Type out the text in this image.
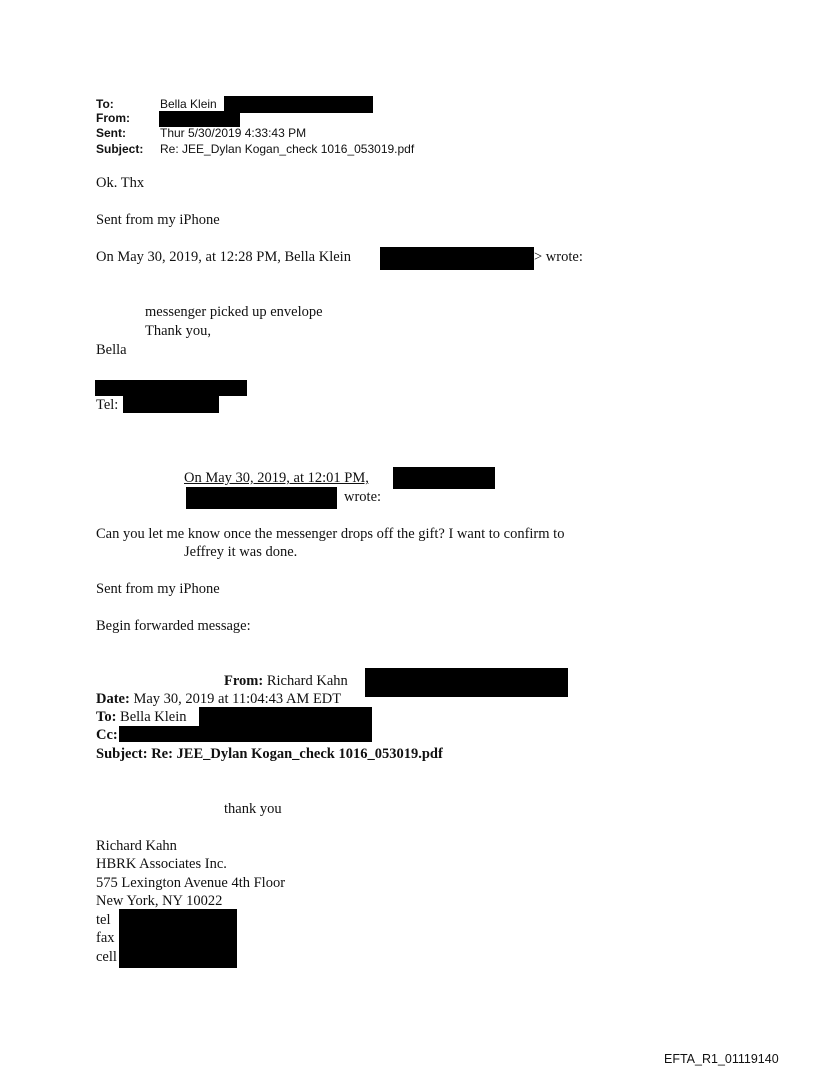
To:	Bella Klein
From:
Sent:	Thur 5/30/2019 4:33:43 PM
Subject: Re: JEE_Dylan Kogan_check 1016_053019.pdf
Ok. Thx
Sent from my iPhone
On May 30, 2019, at 12:28 PM, Bella Klein	> wrote:
messenger picked up envelope
Thank you,
Bella
Tel:
On May 30, 2019, at 12:01 PM,
wrote:
Can you let me know once the messenger drops off the gift? I want to confirm to
Jeffrey it was done.
Sent from my iPhone
Begin forwarded message:
From: Richard Kahn
Date: May 30, 2019 at 11:04:43 AM EDT
To: Bella Klein
Cc:
Subject: Re: JEE_Dylan Kogan_check 1016_053019.pdf
thank you
Richard Kahn
HBRK Associates Inc.
575 Lexington Avenue 4th Floor
New York, NY 10022
tel
fax
cell
EFTA_R1_01119140
